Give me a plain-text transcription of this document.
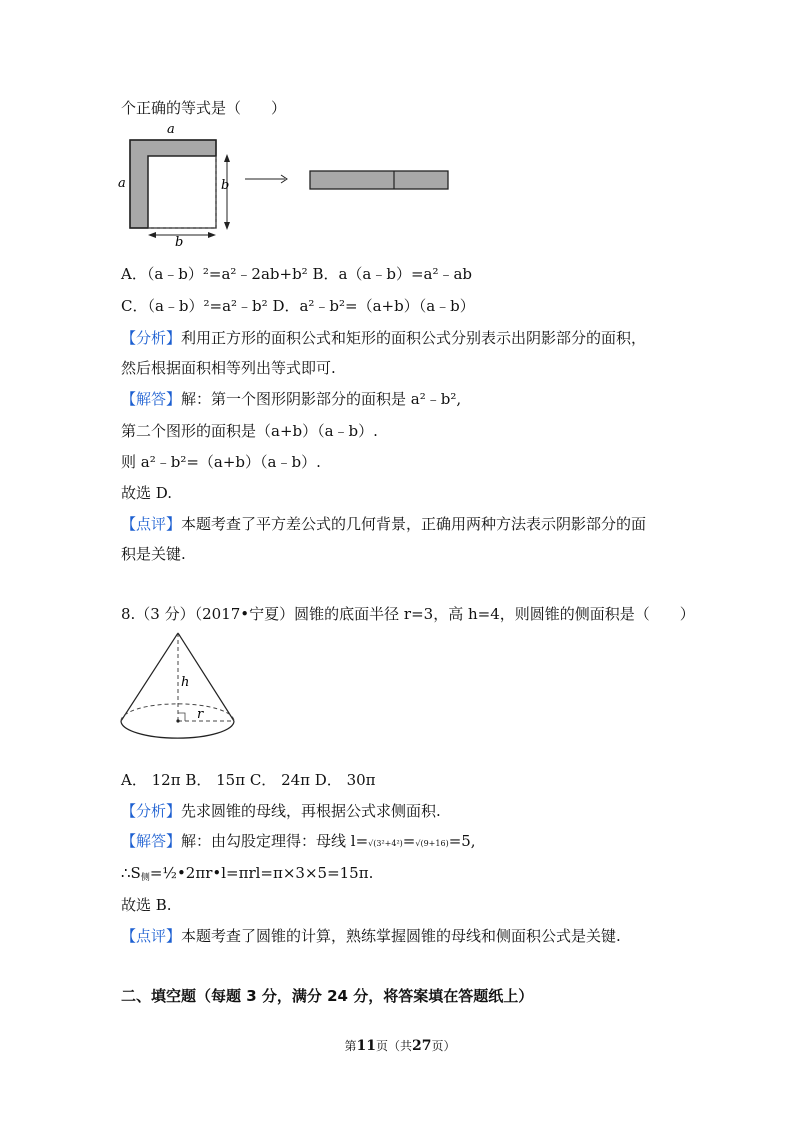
个正确的等式是（　　）
a
a	b
b
A．（a﹣b）²=a²﹣2ab+b² B．a（a﹣b）=a²﹣ab
C．（a﹣b）²=a²﹣b² D．a²﹣b²=（a+b）（a﹣b）
【分析】利用正方形的面积公式和矩形的面积公式分别表示出阴影部分的面积，
然后根据面积相等列出等式即可.
【解答】解：第一个图形阴影部分的面积是 a²﹣b²,
第二个图形的面积是（a+b）（a﹣b）.
则 a²﹣b²=（a+b）（a﹣b）.
故选 D.
【点评】本题考查了平方差公式的几何背景，正确用两种方法表示阴影部分的面
积是关键.
8.（3 分）（2017•宁夏）圆锥的底面半径 r=3，高 h=4，则圆锥的侧面积是（　　）
h
r
A． 12π B． 15π C． 24π D． 30π
【分析】先求圆锥的母线，再根据公式求侧面积.
【解答】解：由勾股定理得：母线 l=√(3²+4²)=√(9+16)=5,
$\therefore S_侧=\frac{1}{2}•2\pi r•l=\pi rl=\pi\times 3\times 5=15\pi$.
故选 B.
【点评】本题考查了圆锥的计算，熟练掌握圆锥的母线和侧面积公式是关键.
二、填空题（每题 3 分，满分 24 分，将答案填在答题纸上）
第11页（共27页）
